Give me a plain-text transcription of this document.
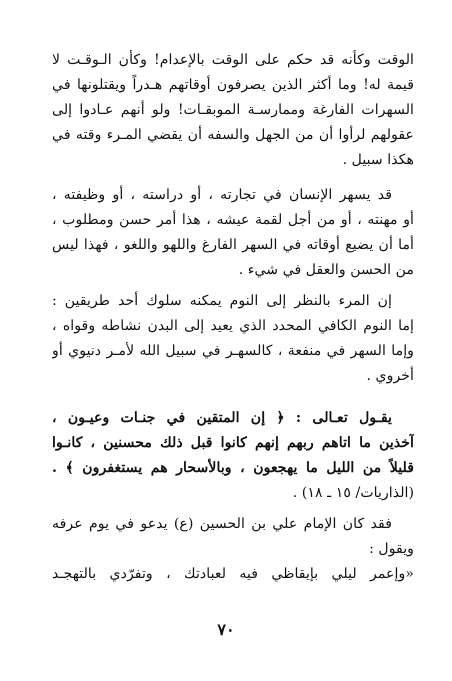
الوقت وكأنه قد حكم على الوقت بالإعدام! وكأن الـوقـت لا
قيمة له! وما أكثر الذين يصرفون أوقاتهم هـدراً ويقتلونها في
السهرات الفارغة وممارسـة الموبقـات! ولو أنهم عـادوا إلى
عقولهم لرأوا أن من الجهل والسفه أن يقضي المـرء وقته في
هكذا سبيل .
قد يسهر الإنسان في تجارته ، أو دراسته ، أو وظيفته ،
أو مهنته ، أو من أجل لقمة عيشه ، هذا أمر حسن ومطلوب ،
أما أن يضيع أوقاته في السهر الفارغ واللهو واللغو ، فهذا ليس
من الحسن والعقل في شيء .
إن المرء بالنظر إلى النوم يمكنه سلوك أحد طريقين :
إما النوم الكافي المحدد الذي يعيد إلى البدن نشاطه وقواه ،
وإما السهر في منفعة ، كالسهـر في سبيل الله لأمـر دنيوي أو
أخروي .
يقـول تعـالى : ﴿ إن المتقين في جنـات وعيـون ،
آخذين ما اتاهم ربهم إنهم كانوا قبل ذلك محسنين ، كانـوا
قليلاً من الليل ما يهجعون ، وبالأسحار هم يستغفرون ﴾ .
(الذاريات/ ١٥ ـ ١٨) .
فقد كان الإمام علي بن الحسين (ع) يدعو في يوم عرفه
ويقول :
«وإعمر ليلي بإيقاظي فيه لعبادتك ، وتفرّدي بالتهجـد
٧٠
